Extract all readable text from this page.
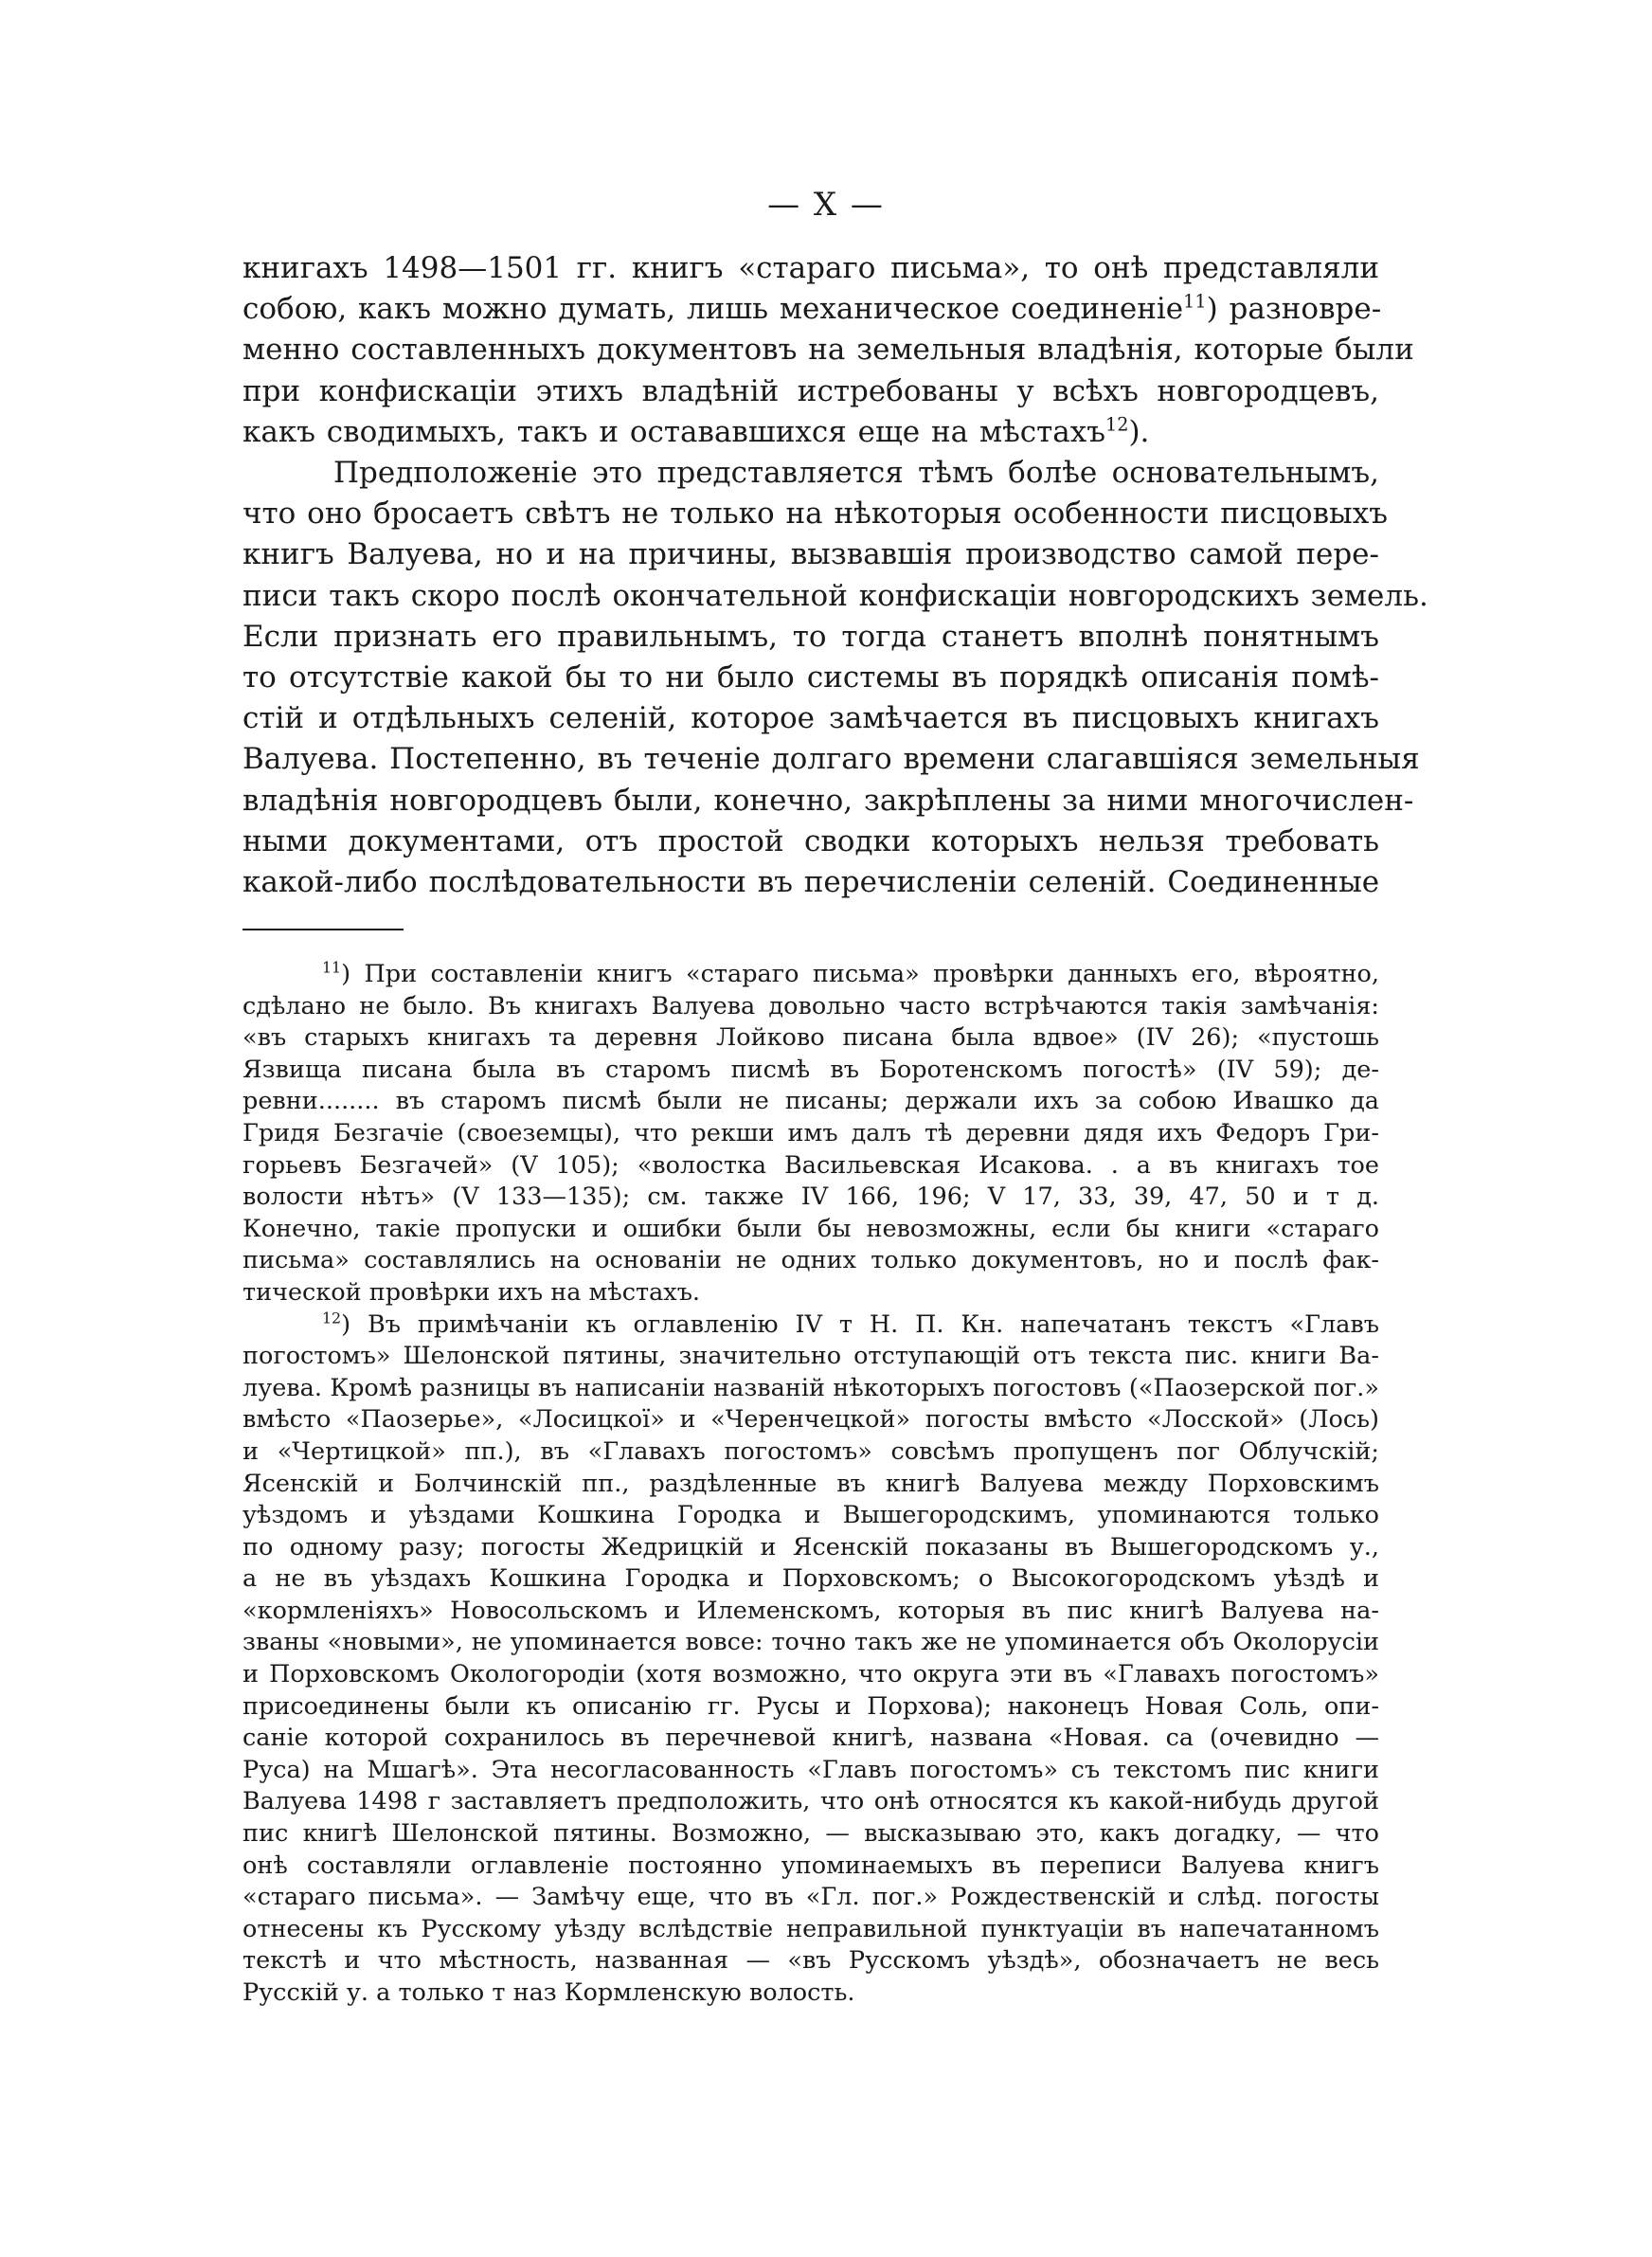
— X —

книгахъ 1498—1501 гг. книгъ «стараго письма», то онѣ представляли
собою, какъ можно думать, лишь механическое соединеніе$^{11}$) разновре-
менно составленныхъ документовъ на земельныя владѣнія, которые были
при конфискаціи этихъ владѣній истребованы у всѣхъ новгородцевъ,
какъ сводимыхъ, такъ и остававшихся еще на мѣстахъ$^{12}$).

Предположеніе это представляется тѣмъ болѣе основательнымъ,
что оно бросаетъ свѣтъ не только на нѣкоторыя особенности писцовыхъ
книгъ Валуева, но и на причины, вызвавшія производство самой пере-
писи такъ скоро послѣ окончательной конфискаціи новгородскихъ земель.
Если признать его правильнымъ, то тогда станетъ вполнѣ понятнымъ
то отсутствіе какой бы то ни было системы въ порядкѣ описанія помѣ-
стій и отдѣльныхъ селеній, которое замѣчается въ писцовыхъ книгахъ
Валуева. Постепенно, въ теченіе долгаго времени слагавшіяся земельныя
владѣнія новгородцевъ были, конечно, закрѣплены за ними многочислен-
ными документами, отъ простой сводки которыхъ нельзя требовать
какой-либо послѣдовательности въ перечисленіи селеній. Соединенные

$^{11}$) При составленіи книгъ «стараго письма» провѣрки данныхъ его, вѣроятно,
сдѣлано не было. Въ книгахъ Валуева довольно часто встрѣчаются такія замѣчанія:
«въ старыхъ книгахъ та деревня Лойково писана была вдвое» (IV 26); «пустошь
Язвища писана была въ старомъ писмѣ въ Боротенскомъ погостѣ» (IV 59); де-
ревни........ въ старомъ писмѣ были не писаны; держали ихъ за собою Ивашко да
Гридя Безгачіе (своеземцы), что рекши имъ далъ тѣ деревни дядя ихъ Федоръ Гри-
горьевъ Безгачей» (V 105); «волостка Васильевская Исакова. . а въ книгахъ тое
волости нѣтъ» (V 133—135); см. также IV 166, 196; V 17, 33, 39, 47, 50 и т д.
Конечно, такіе пропуски и ошибки были бы невозможны, если бы книги «стараго
письма» составлялись на основаніи не одних только документовъ, но и послѣ фак-
тической провѣрки ихъ на мѣстахъ.

$^{12}$) Въ примѣчаніи къ оглавленію IV т Н. П. Кн. напечатанъ текстъ «Главъ
погостомъ» Шелонской пятины, значительно отступающій отъ текста пис. книги Ва-
луева. Кромѣ разницы въ написаніи названій нѣкоторыхъ погостовъ («Паозерской пог.»
вмѣсто «Паозерье», «Лосицкої» и «Черенчецкой» погосты вмѣсто «Лосской» (Лось)
и «Чертицкой» пп.), въ «Главахъ погостомъ» совсѣмъ пропущенъ пог Облучскій;
Ясенскій и Болчинскій пп., раздѣленные въ книгѣ Валуева между Порховскимъ
уѣздомъ и уѣздами Кошкина Городка и Вышегородскимъ, упоминаются только
по одному разу; погосты Жедрицкій и Ясенскій показаны въ Вышегородскомъ у.,
а не въ уѣздахъ Кошкина Городка и Порховскомъ; о Высокогородскомъ уѣздѣ и
«кормленіяхъ» Новосольскомъ и Илеменскомъ, которыя въ пис книгѣ Валуева на-
званы «новыми», не упоминается вовсе: точно такъ же не упоминается объ Околорусіи
и Порховскомъ Окологородіи (хотя возможно, что округа эти въ «Главахъ погостомъ»
присоединены были къ описанію гг. Русы и Порхова); наконецъ Новая Соль, опи-
саніе которой сохранилось въ перечневой книгѣ, названа «Новая. са (очевидно —
Руса) на Мшагѣ». Эта несогласованность «Главъ погостомъ» съ текстомъ пис книги
Валуева 1498 г заставляетъ предположить, что онѣ относятся къ какой-нибудь другой
пис книгѣ Шелонской пятины. Возможно, — высказываю это, какъ догадку, — что
онѣ составляли оглавленіе постоянно упоминаемыхъ въ переписи Валуева книгъ
«стараго письма». — Замѣчу еще, что въ «Гл. пог.» Рождественскій и слѣд. погосты
отнесены къ Русскому уѣзду вслѣдствіе неправильной пунктуаціи въ напечатанномъ
текстѣ и что мѣстность, названная — «въ Русскомъ уѣздѣ», обозначаетъ не весь
Русскій у. а только т наз Кормленскую волость.
